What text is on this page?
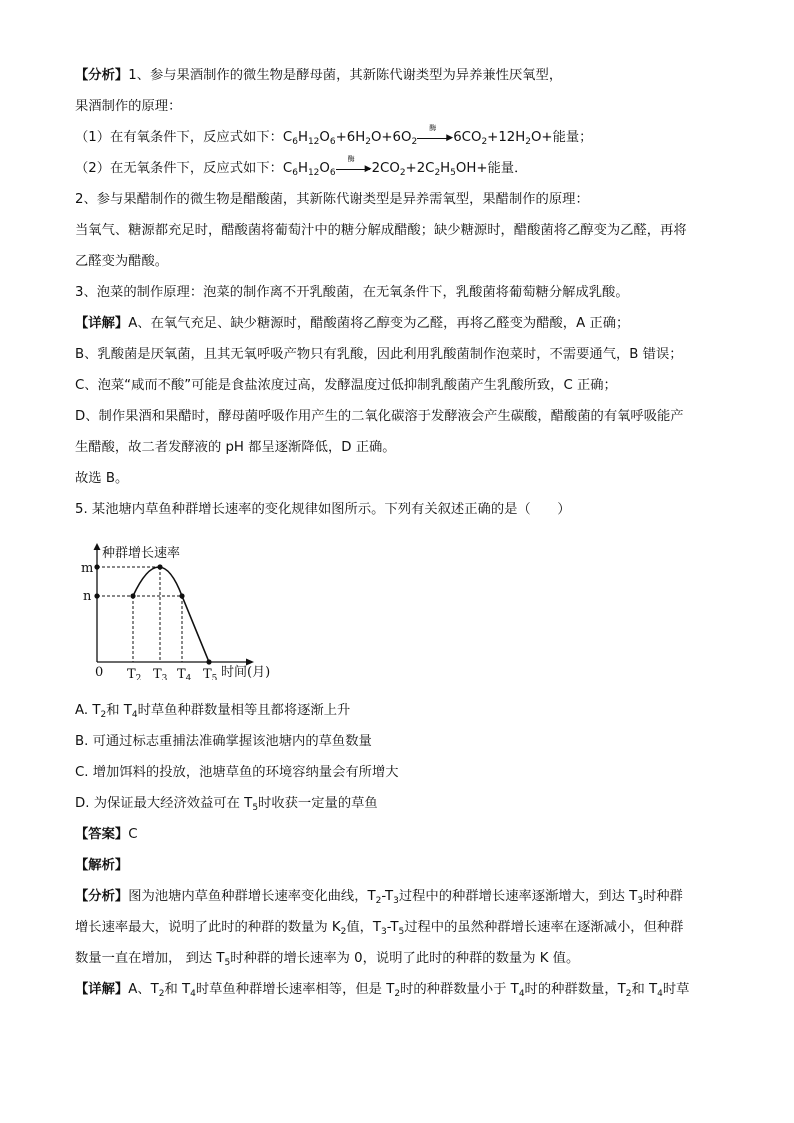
【分析】1、参与果酒制作的微生物是酵母菌，其新陈代谢类型为异养兼性厌氧型，
果酒制作的原理：
（1）在有氧条件下，反应式如下：$C_6H_{12}O_6+6H_2O+6O_2$
酶
▶ $6CO_2+12H_2O+$能量；
（2）在无氧条件下，反应式如下：$C_6H_{12}O_6$
酶
▶ $2CO_2+2C_2H_5OH+$能量．
2、参与果醋制作的微生物是醋酸菌，其新陈代谢类型是异养需氧型，果醋制作的原理：
当氧气、糖源都充足时，醋酸菌将葡萄汁中的糖分解成醋酸；缺少糖源时，醋酸菌将乙醇变为乙醛，再将
乙醛变为醋酸。
3、泡菜的制作原理：泡菜的制作离不开乳酸菌，在无氧条件下，乳酸菌将葡萄糖分解成乳酸。
【详解】A、在氧气充足、缺少糖源时，醋酸菌将乙醇变为乙醛，再将乙醛变为醋酸，A 正确；
B、乳酸菌是厌氧菌，且其无氧呼吸产物只有乳酸，因此利用乳酸菌制作泡菜时，不需要通气，B 错误；
C、泡菜“咸而不酸”可能是食盐浓度过高，发酵温度过低抑制乳酸菌产生乳酸所致，C 正确；
D、制作果酒和果醋时，酵母菌呼吸作用产生的二氧化碳溶于发酵液会产生碳酸，醋酸菌的有氧呼吸能产
生醋酸，故二者发酵液的 pH 都呈逐渐降低，D 正确。
故选 B。
5. 某池塘内草鱼种群增长速率的变化规律如图所示。下列有关叙述正确的是（　　）
种群增长速率
m
n
0 $T_2$ $T_3$ $T_4$ $T_5$ 时间(月)
A. $T_2$和 $T_4$时草鱼种群数量相等且都将逐渐上升
B. 可通过标志重捕法准确掌握该池塘内的草鱼数量
C. 增加饵料的投放，池塘草鱼的环境容纳量会有所增大
D. 为保证最大经济效益可在 $T_5$时收获一定量的草鱼
【答案】C
【解析】
【分析】图为池塘内草鱼种群增长速率变化曲线，$T_2-T_3$过程中的种群增长速率逐渐增大，到达 $T_3$时种群
增长速率最大，说明了此时的种群的数量为 $K_2$值，$T_3-T_5$过程中的虽然种群增长速率在逐渐减小，但种群
数量一直在增加， 到达 $T_5$时种群的增长速率为 0，说明了此时的种群的数量为 K 值。
【详解】A、$T_2$和 $T_4$时草鱼种群增长速率相等，但是 $T_2$时的种群数量小于 $T_4$时的种群数量，$T_2$和 $T_4$时草
